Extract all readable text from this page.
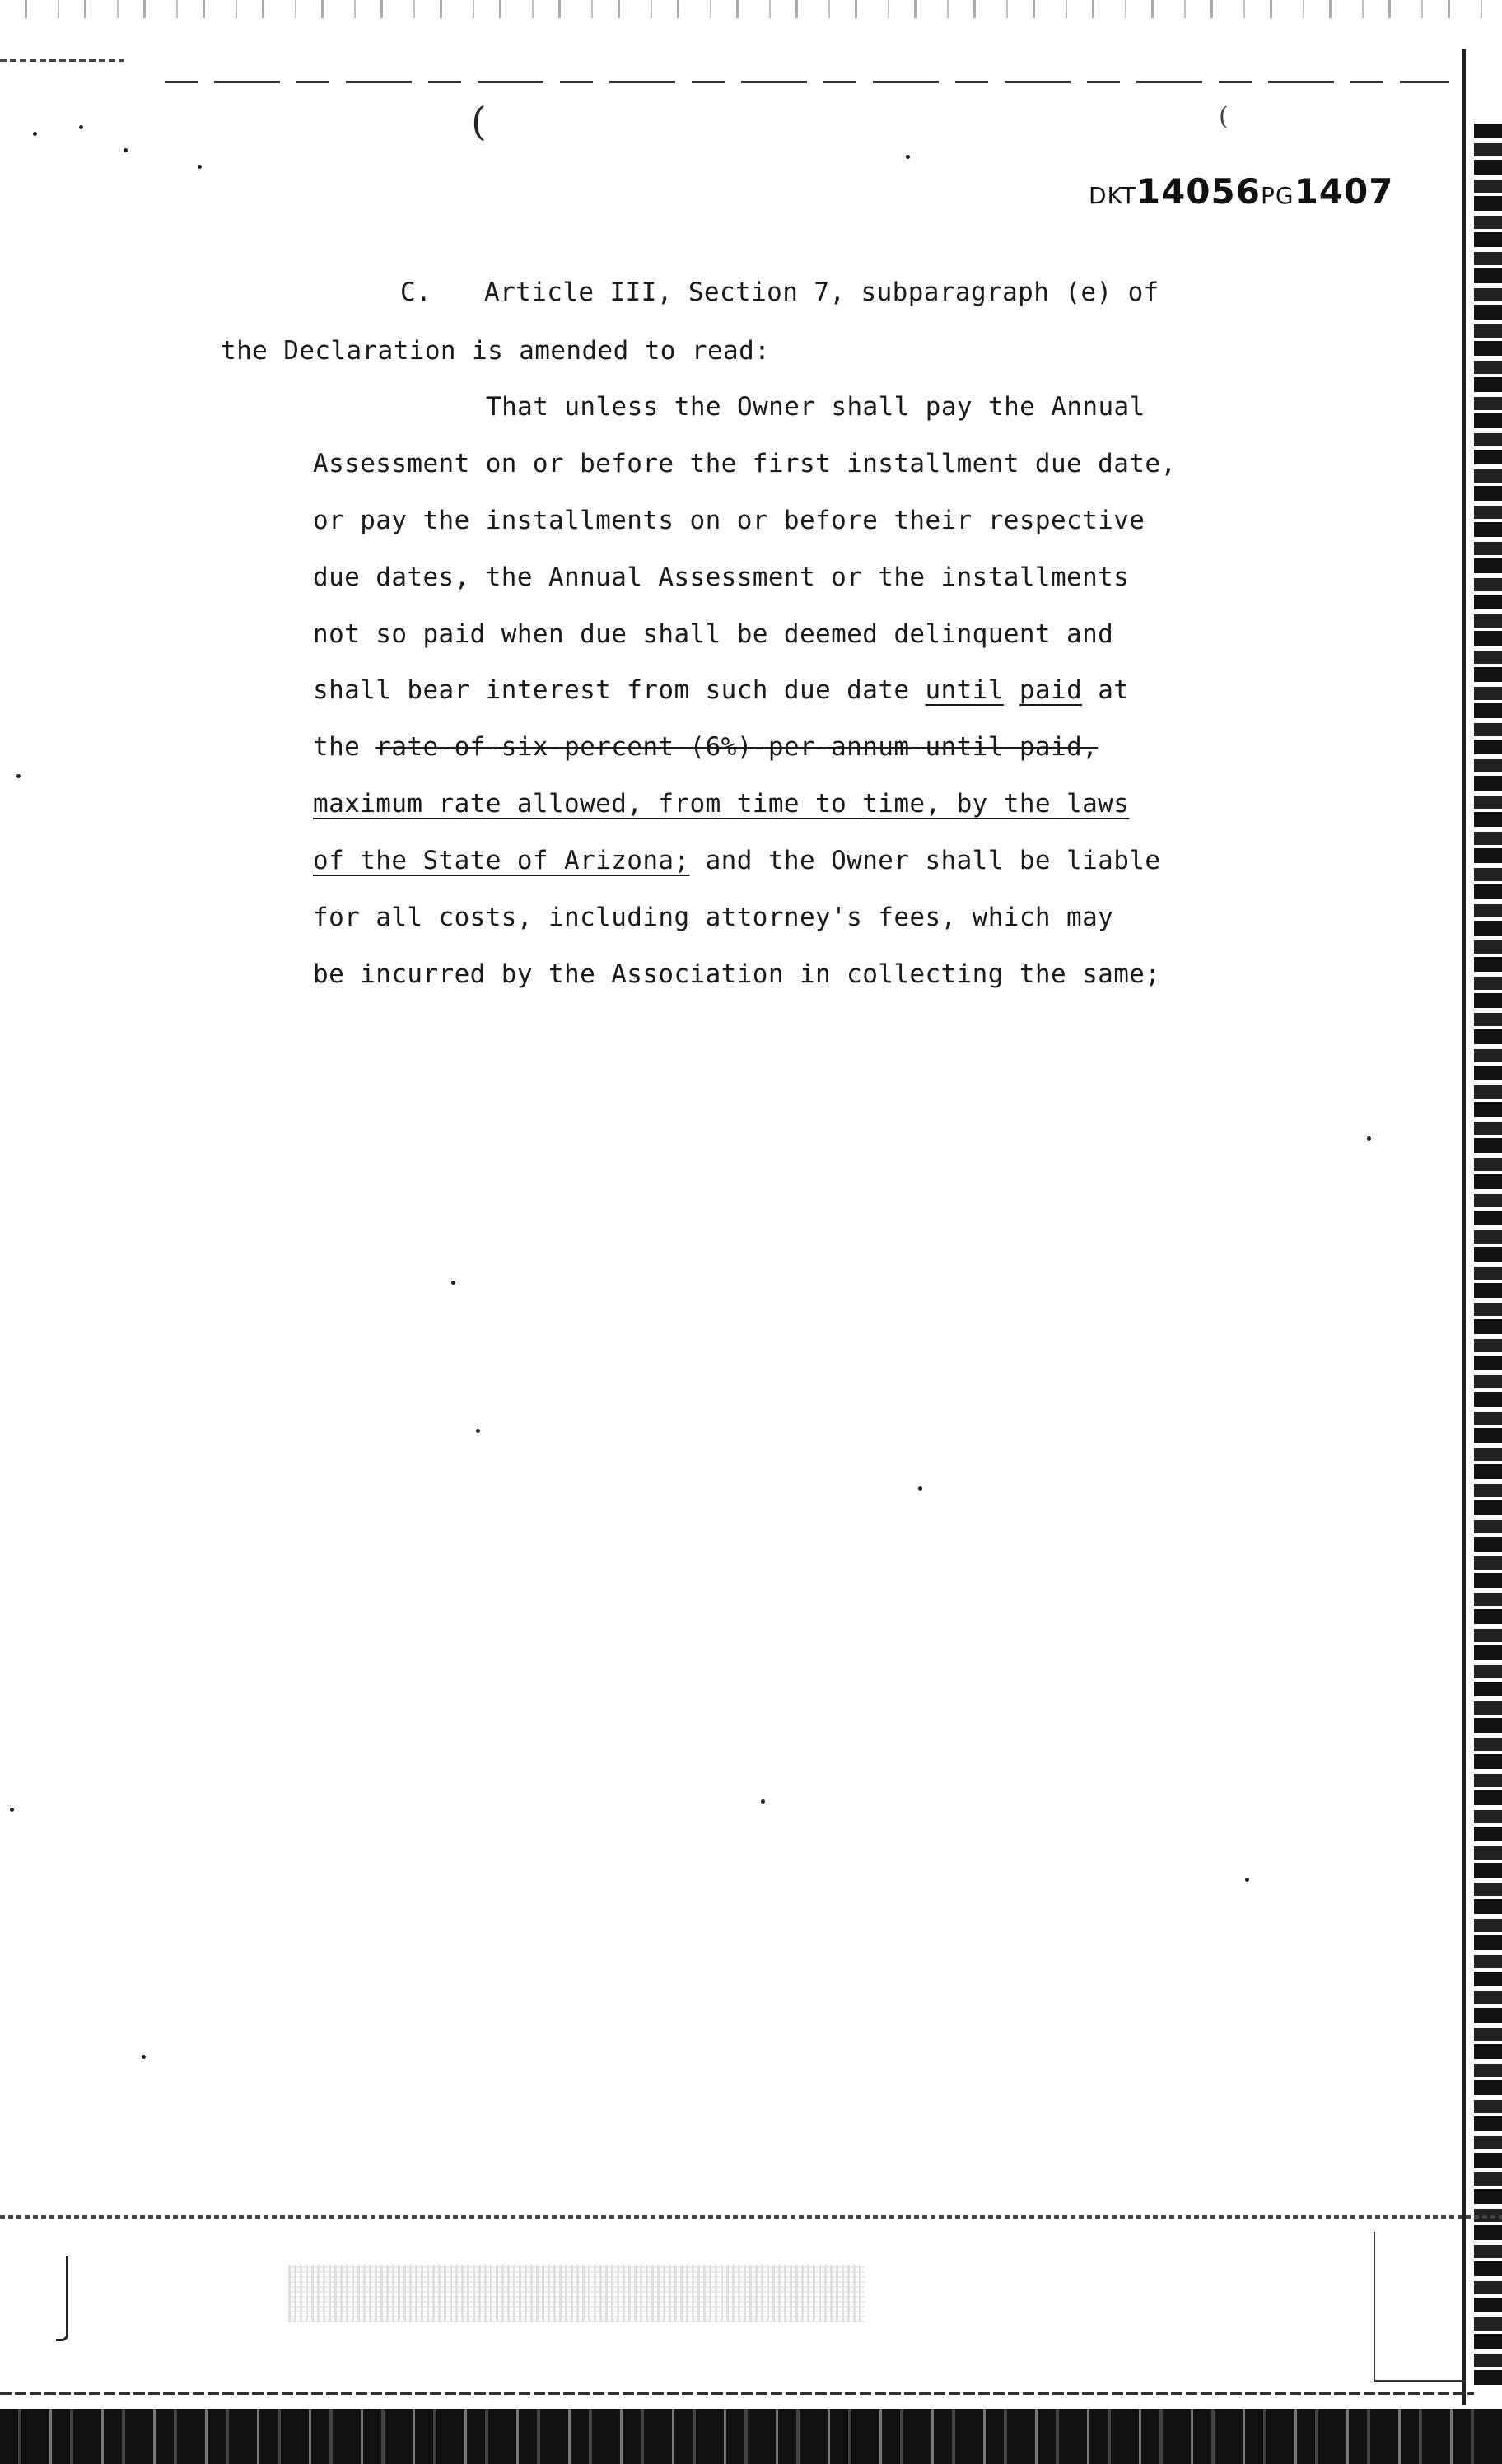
(	(
DKT14056PG1407
C. Article III, Section 7, subparagraph (e) of
the Declaration is amended to read:
That unless the Owner shall pay the Annual
Assessment on or before the first installment due date,
or pay the installments on or before their respective
due dates, the Annual Assessment or the installments
not so paid when due shall be deemed delinquent and
shall bear interest from such due date until paid at
the rate-of-six-percent-(6%)-per-annum-until-paid,
maximum rate allowed, from time to time, by the laws
of the State of Arizona; and the Owner shall be liable
for all costs, including attorney's fees, which may
be incurred by the Association in collecting the same;
